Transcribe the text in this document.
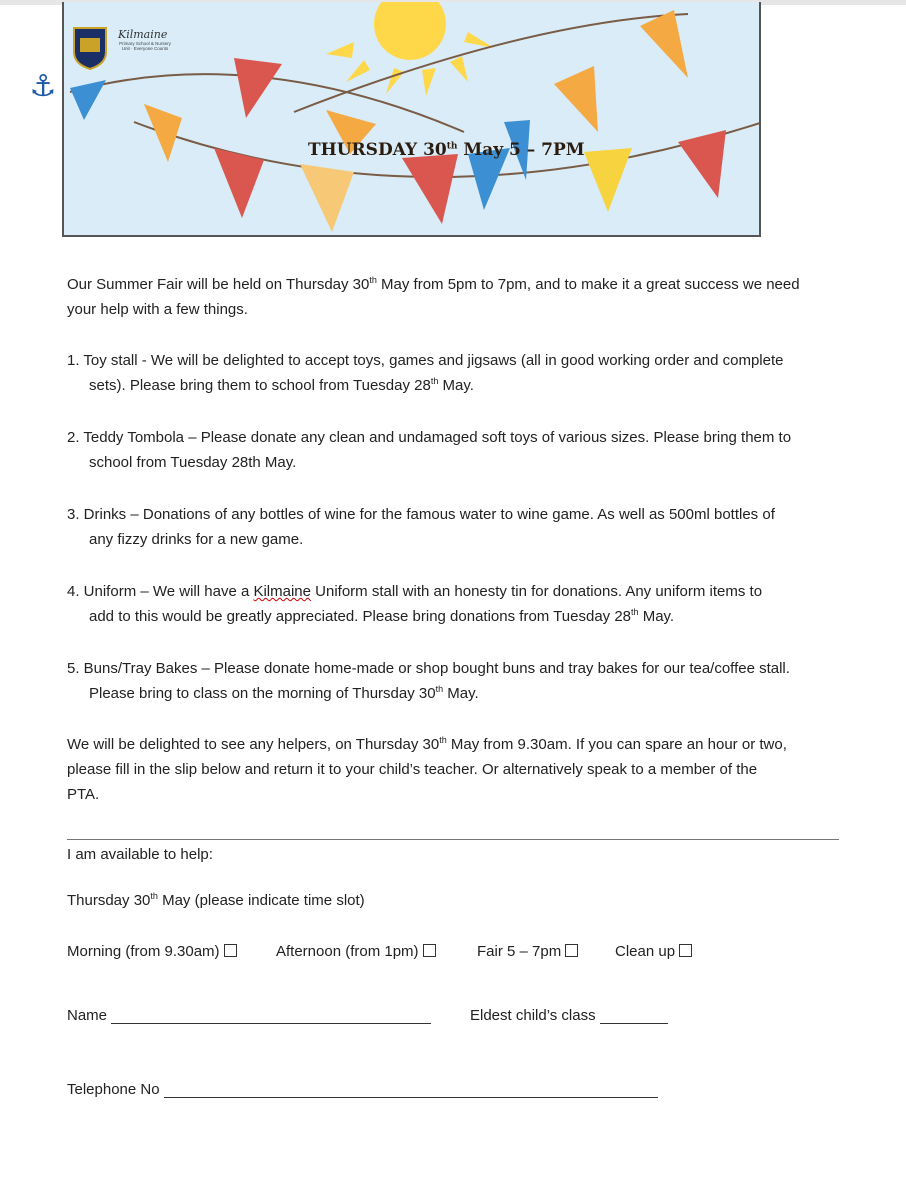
⚓
Kilmaine
Primary School & Nursery Unit · Everyone Counts
THURSDAY 30th May 5 – 7PM
Our Summer Fair will be held on Thursday 30th May from 5pm to 7pm, and to make it a great success we need
your help with a few things.
1. Toy stall - We will be delighted to accept toys, games and jigsaws (all in good working order and complete
sets). Please bring them to school from Tuesday 28th May.
2. Teddy Tombola – Please donate any clean and undamaged soft toys of various sizes. Please bring them to
school from Tuesday 28th May.
3. Drinks – Donations of any bottles of wine for the famous water to wine game. As well as 500ml bottles of
any fizzy drinks for a new game.
4. Uniform – We will have a Kilmaine Uniform stall with an honesty tin for donations. Any uniform items to
add to this would be greatly appreciated. Please bring donations from Tuesday 28th May.
5. Buns/Tray Bakes – Please donate home-made or shop bought buns and tray bakes for our tea/coffee stall.
Please bring to class on the morning of Thursday 30th May.
We will be delighted to see any helpers, on Thursday 30th May from 9.30am. If you can spare an hour or two,
please fill in the slip below and return it to your child’s teacher. Or alternatively speak to a member of the
PTA.
I am available to help:
Thursday 30th May (please indicate time slot)
Morning (from 9.30am)	Afternoon (from 1pm)	Fair 5 – 7pm	Clean up
Name	Eldest child’s class
Telephone No
